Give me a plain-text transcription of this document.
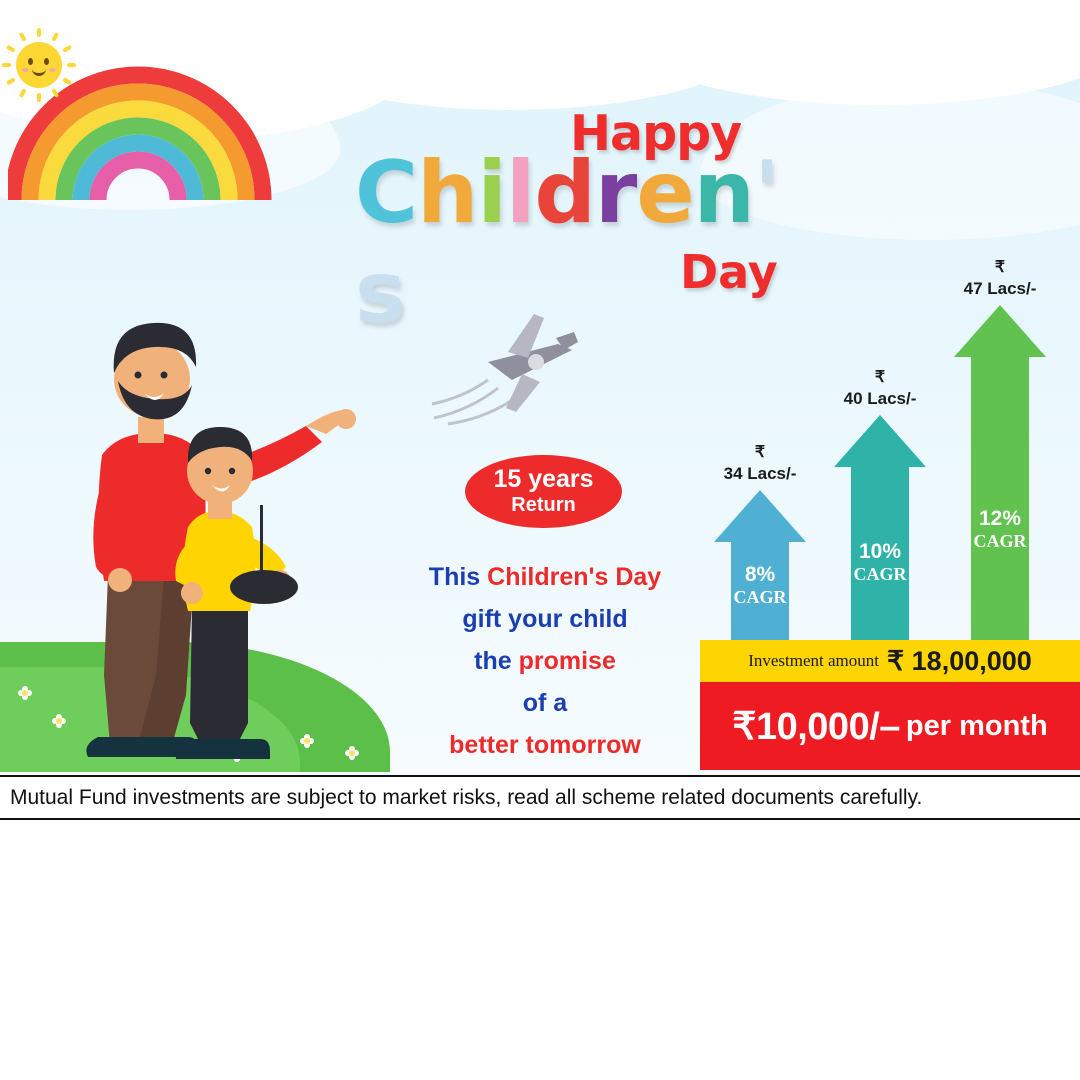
Happy
Children's	Day
15 years
Return
This Children's Day
gift your child
the promise
of a
better tomorrow
₹
34 Lacs/-
8%
CAGR
₹
40 Lacs/-
10%
CAGR
₹
47 Lacs/-
12%
CAGR
Investment amount ₹ 18,00,000
₹10,000/– per month
Mutual Fund investments are subject to market risks, read all scheme related documents carefully.
